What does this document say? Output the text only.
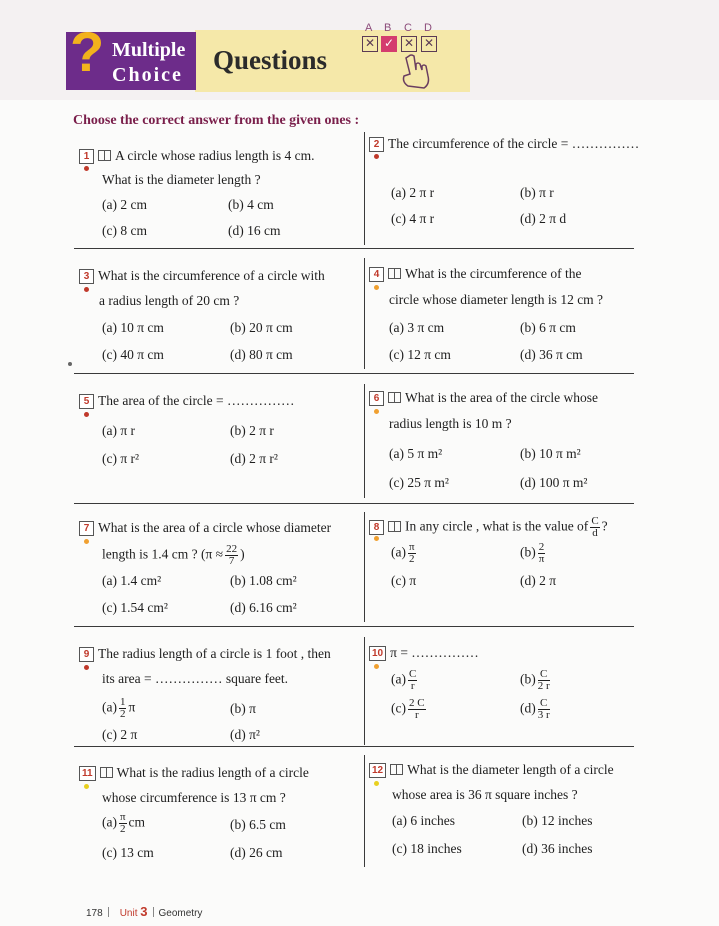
? Multiple
Choice Questions
A B C D
✕ ✓ ✕ ✕
Choose the correct answer from the given ones :
1 A circle whose radius length is 4 cm.
What is the diameter length ?
(a) 2 cm	(b) 4 cm
(c) 8 cm	(d) 16 cm
2 The circumference of the circle = ……………
(a) 2 π r	(b) π r
(c) 4 π r	(d) 2 π d
3 What is the circumference of a circle with
a radius length of 20 cm ?
(a) 10 π cm	(b) 20 π cm
(c) 40 π cm	(d) 80 π cm
4 What is the circumference of the
circle whose diameter length is 12 cm ?
(a) 3 π cm	(b) 6 π cm
(c) 12 π cm	(d) 36 π cm
5 The area of the circle = ……………
(a) π r	(b) 2 π r
(c) π r²	(d) 2 π r²
6 What is the area of the circle whose
radius length is 10 m ?
(a) 5 π m²	(b) 10 π m²
(c) 25 π m²	(d) 100 π m²
7 What is the area of a circle whose diameter
length is 1.4 cm ? ($\pi \approx \frac{22}{7}$ )
(a) 1.4 cm²	(b) 1.08 cm²
(c) 1.54 cm²	(d) 6.16 cm²
8 In any circle , what is the value of $\frac{C}{d}$ ?
$(a) \frac{\pi}{2}$	$(b) \frac{2}{\pi}$
(c) π	(d) 2 π
9 The radius length of a circle is 1 foot , then
its area = …………… square feet.
$(a) \frac{1}{2}$ π	(b) π
(c) 2 π	(d) π²
10 π = ……………
$(a) \frac{C}{r}$	$(b) \frac{C}{2 r}$
$(c) \frac{2 C}{r}$	$(d) \frac{C}{3 r}$
11 What is the radius length of a circle
whose circumference is 13 π cm ?
$(a) \frac{\pi}{2}$ cm	(b) 6.5 cm
(c) 13 cm	(d) 26 cm
12 What is the diameter length of a circle
whose area is 36 π square inches ?
(a) 6 inches	(b) 12 inches
(c) 18 inches	(d) 36 inches
178 Unit 3 Geometry
